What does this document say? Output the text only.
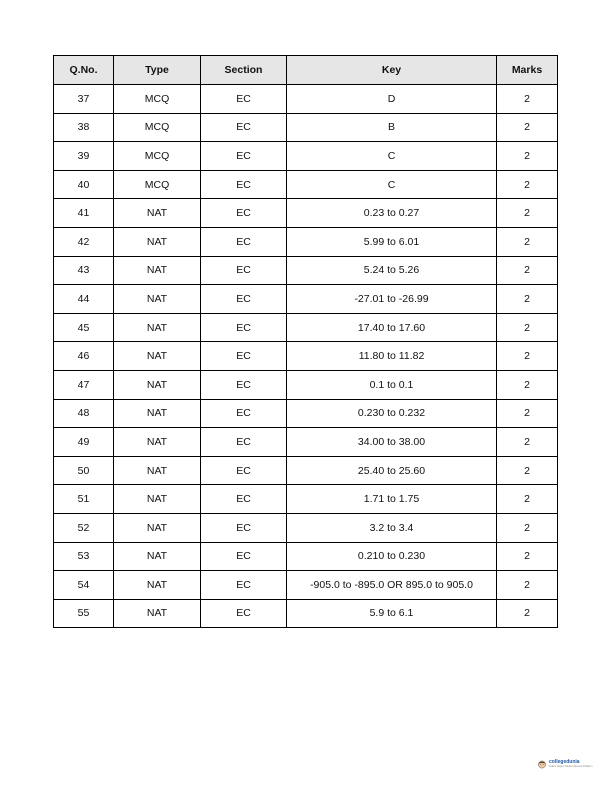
Q.No.	Type	Section	Key	Marks
37	MCQ	EC	D	2
38	MCQ	EC	B	2
39	MCQ	EC	C	2
40	MCQ	EC	C	2
41	NAT	EC	0.23 to 0.27	2
42	NAT	EC	5.99 to 6.01	2
43	NAT	EC	5.24 to 5.26	2
44	NAT	EC	-27.01 to -26.99	2
45	NAT	EC	17.40 to 17.60	2
46	NAT	EC	11.80 to 11.82	2
47	NAT	EC	0.1 to 0.1	2
48	NAT	EC	0.230 to 0.232	2
49	NAT	EC	34.00 to 38.00	2
50	NAT	EC	25.40 to 25.60	2
51	NAT	EC	1.71 to 1.75	2
52	NAT	EC	3.2 to 3.4	2
53	NAT	EC	0.210 to 0.230	2
54	NAT	EC	-905.0 to -895.0 OR 895.0 to 905.0	2
55	NAT	EC	5.9 to 6.1	2
collegedunia
India's largest Student Review Platform
